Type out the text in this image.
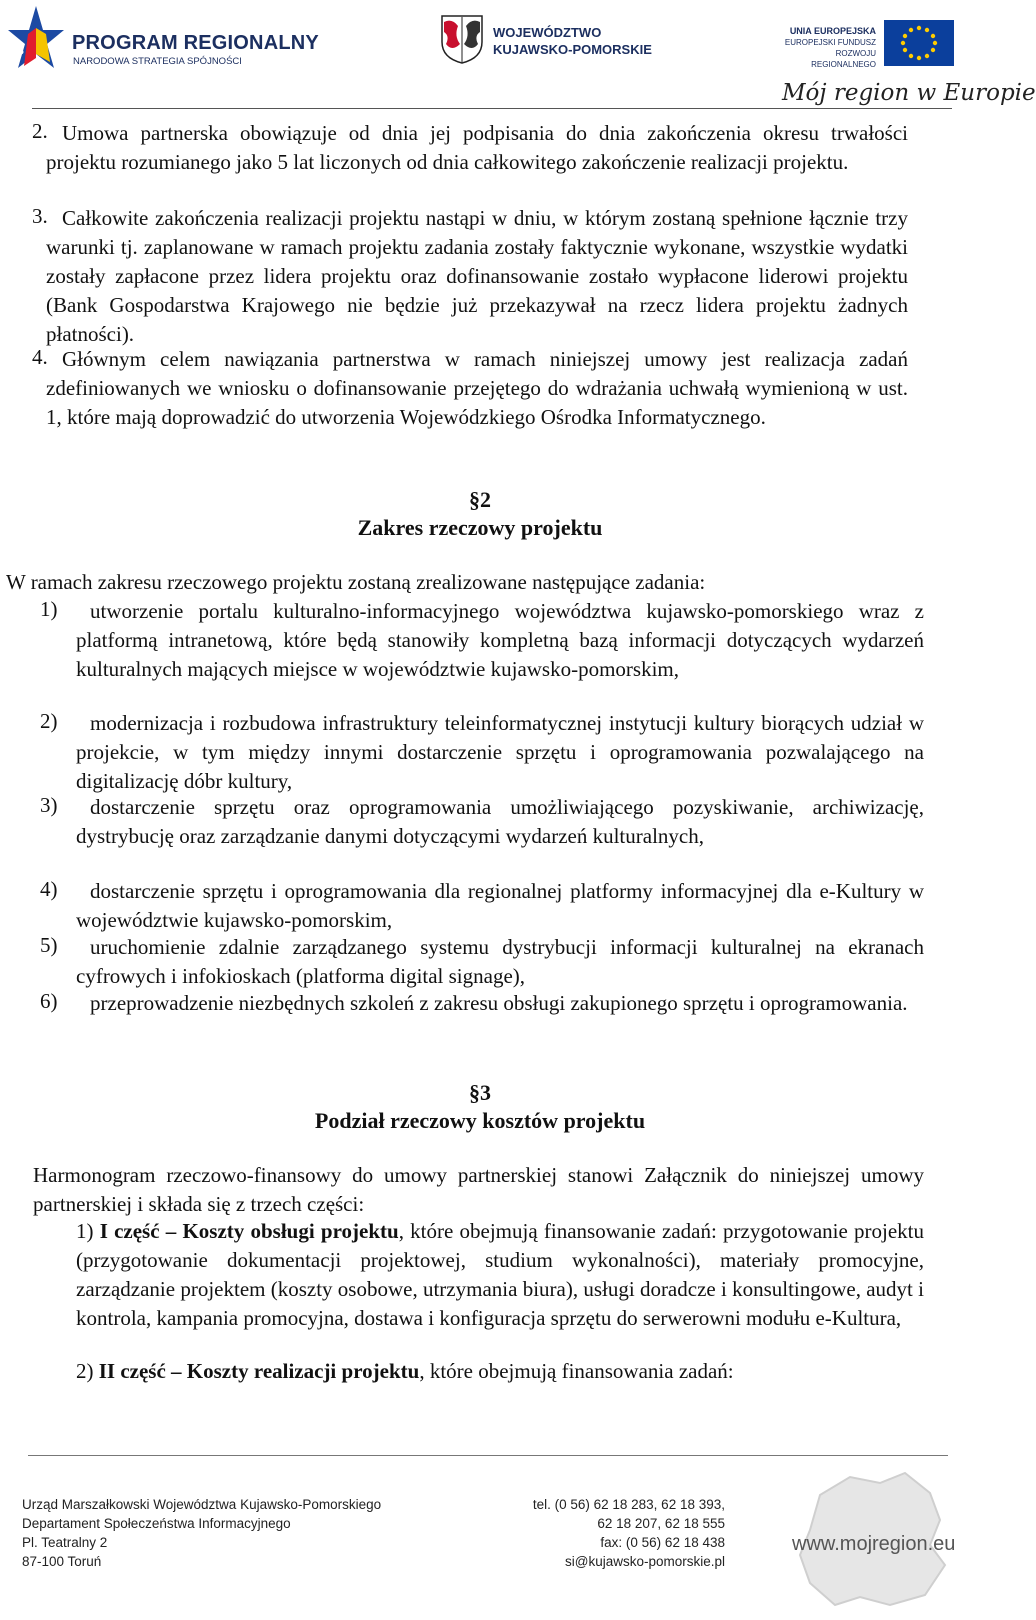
PROGRAM REGIONALNY
NARODOWA STRATEGIA SPÓJNOŚCI
WOJEWÓDZTWO
KUJAWSKO-POMORSKIE
UNIA EUROPEJSKA
EUROPEJSKI FUNDUSZ
ROZWOJU REGIONALNEGO
Mój region w Europie
2. Umowa partnerska obowiązuje od dnia jej podpisania do dnia zakończenia okresu trwałości projektu rozumianego jako 5 lat liczonych od dnia całkowitego zakończenie realizacji projektu.

3. Całkowite zakończenia realizacji projektu nastąpi w dniu, w którym zostaną spełnione łącznie trzy warunki tj. zaplanowane w ramach projektu zadania zostały faktycznie wykonane, wszystkie wydatki zostały zapłacone przez lidera projektu oraz dofinansowanie zostało wypłacone liderowi projektu (Bank Gospodarstwa Krajowego nie będzie już przekazywał na rzecz lidera projektu żadnych płatności).

4. Głównym celem nawiązania partnerstwa w ramach niniejszej umowy jest realizacja zadań zdefiniowanych we wniosku o dofinansowanie przejętego do wdrażania uchwałą wymienioną w ust. 1, które mają doprowadzić do utworzenia Wojewódzkiego Ośrodka Informatycznego.

§2
Zakres rzeczowy projektu

W ramach zakresu rzeczowego projektu zostaną zrealizowane następujące zadania:

1)	utworzenie portalu kulturalno-informacyjnego województwa kujawsko-pomorskiego wraz z platformą intranetową, które będą stanowiły kompletną bazą informacji dotyczących wydarzeń kulturalnych mających miejsce w województwie kujawsko-pomorskim,

2)	modernizacja i rozbudowa infrastruktury teleinformatycznej instytucji kultury biorących udział w projekcie, w tym między innymi dostarczenie sprzętu i oprogramowania pozwalającego na digitalizację dóbr kultury,

3)	dostarczenie sprzętu oraz oprogramowania umożliwiającego pozyskiwanie, archiwizację, dystrybucję oraz zarządzanie danymi dotyczącymi wydarzeń kulturalnych,

4)	dostarczenie sprzętu i oprogramowania dla regionalnej platformy informacyjnej dla e-Kultury w województwie kujawsko-pomorskim,

5)	uruchomienie zdalnie zarządzanego systemu dystrybucji informacji kulturalnej na ekranach cyfrowych i infokioskach (platforma digital signage),

6)	przeprowadzenie niezbędnych szkoleń z zakresu obsługi zakupionego sprzętu i oprogramowania.

§3
Podział rzeczowy kosztów projektu

Harmonogram rzeczowo-finansowy do umowy partnerskiej stanowi Załącznik do niniejszej umowy partnerskiej i składa się z trzech części:

1) I część – Koszty obsługi projektu, które obejmują finansowanie zadań: przygotowanie projektu (przygotowanie dokumentacji projektowej, studium wykonalności), materiały promocyjne, zarządzanie projektem (koszty osobowe, utrzymania biura), usługi doradcze i konsultingowe, audyt i kontrola, kampania promocyjna, dostawa i konfiguracja sprzętu do serwerowni modułu e-Kultura,

2) II część – Koszty realizacji projektu, które obejmują finansowania zadań:

Urząd Marszałkowski Województwa Kujawsko-Pomorskiego
Departament Społeczeństwa Informacyjnego
Pl. Teatralny 2
87-100 Toruń
tel. (0 56) 62 18 283, 62 18 393,
62 18 207, 62 18 555
fax: (0 56) 62 18 438
si@kujawsko-pomorskie.pl
www.mojregion.eu
